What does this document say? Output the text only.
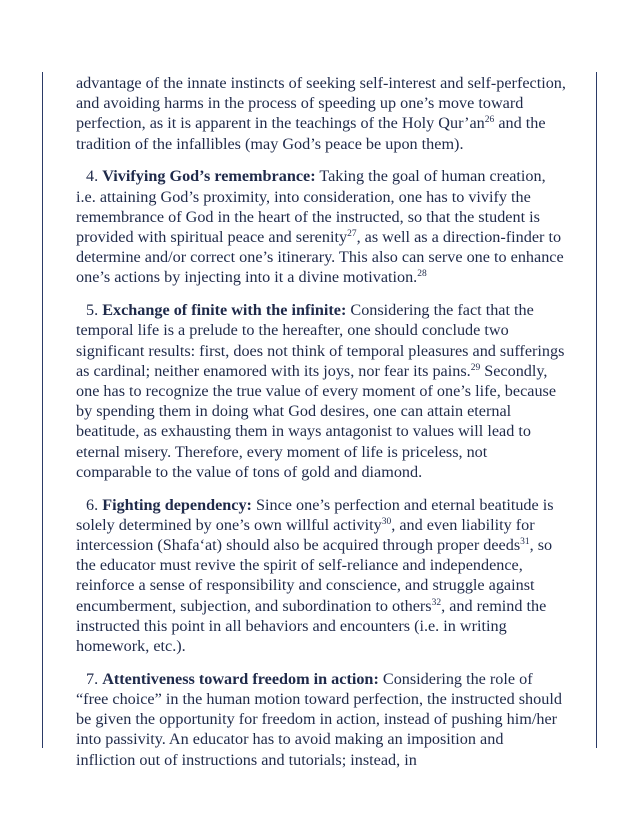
advantage of the innate instincts of seeking self-interest and self-perfection, and avoiding harms in the process of speeding up one’s move toward perfection, as it is apparent in the teachings of the Holy $Qur’an^{26}$ and the tradition of the infallibles (may God’s peace be upon them).

4. Vivifying God’s remembrance: Taking the goal of human creation, i.e. attaining God’s proximity, into consideration, one has to vivify the remembrance of God in the heart of the instructed, so that the student is provided with spiritual peace and serenity$^{27}$, as well as a direction-finder to determine and/or correct one’s itinerary. This also can serve one to enhance one’s actions by injecting into it a divine motivation.$^{28}$

5. Exchange of finite with the infinite: Considering the fact that the temporal life is a prelude to the hereafter, one should conclude two significant results: first, does not think of temporal pleasures and sufferings as cardinal; neither enamored with its joys, nor fear its pains.$^{29}$ Secondly, one has to recognize the true value of every moment of one’s life, because by spending them in doing what God desires, one can attain eternal beatitude, as exhausting them in ways antagonist to values will lead to eternal misery. Therefore, every moment of life is priceless, not comparable to the value of tons of gold and diamond.

6. Fighting dependency: Since one’s perfection and eternal beatitude is solely determined by one’s own willful activity$^{30}$, and even liability for intercession (Shafa‘at) should also be acquired through proper deeds$^{31}$, so the educator must revive the spirit of self-reliance and independence, reinforce a sense of responsibility and conscience, and struggle against encumberment, subjection, and subordination to others$^{32}$, and remind the instructed this point in all behaviors and encounters (i.e. in writing homework, etc.).

7. Attentiveness toward freedom in action: Considering the role of “free choice” in the human motion toward perfection, the instructed should be given the opportunity for freedom in action, instead of pushing him/her into passivity. An educator has to avoid making an imposition and infliction out of instructions and tutorials; instead, in
